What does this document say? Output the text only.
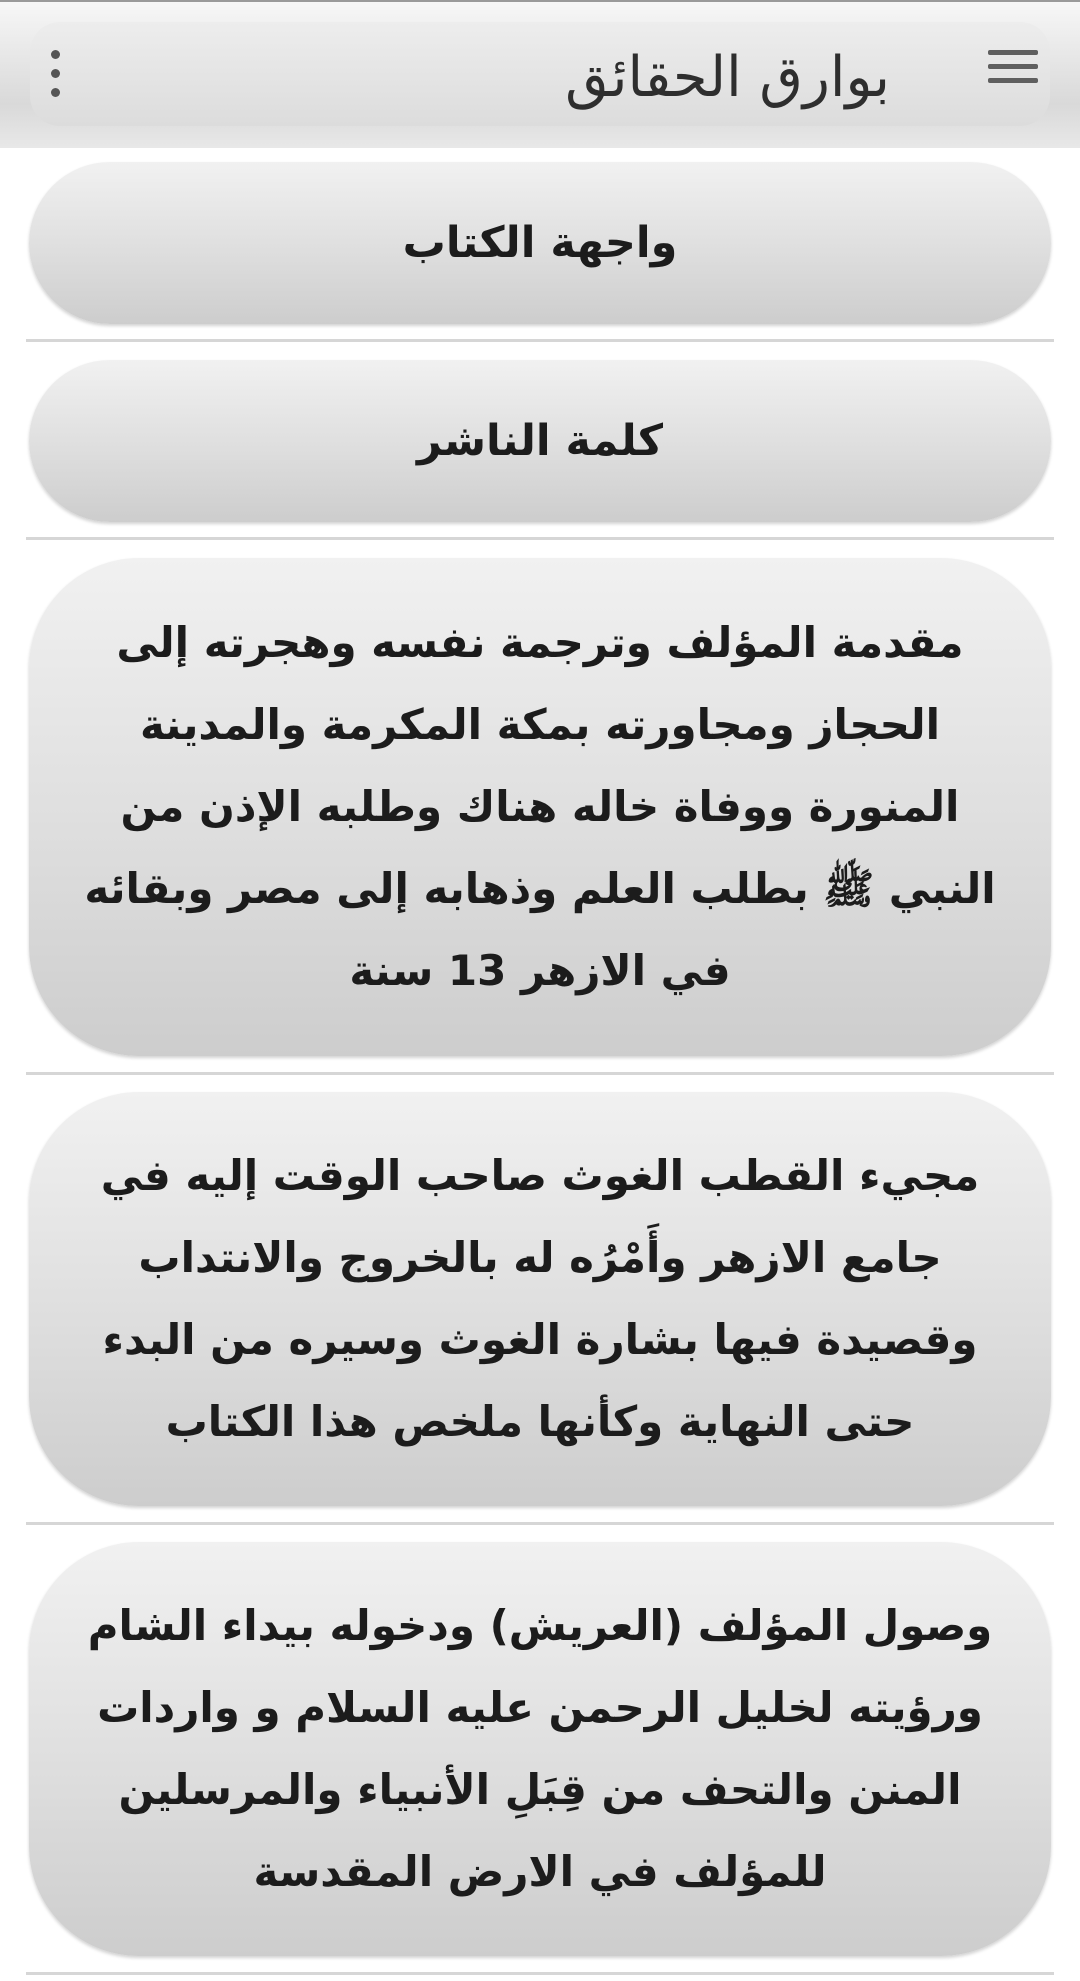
بوارق الحقائق
واجهة الكتاب
كلمة الناشر
مقدمة المؤلف وترجمة نفسه وهجرته إلى الحجاز ومجاورته بمكة المكرمة والمدينة المنورة ووفاة خاله هناك وطلبه الإذن من النبي ﷺ بطلب العلم وذهابه إلى مصر وبقائه في الازهر 13 سنة
مجيء القطب الغوث صاحب الوقت إليه في جامع الازهر وأَمْرُه له بالخروج والانتداب وقصيدة فيها بشارة الغوث وسيره من البدء حتى النهاية وكأنها ملخص هذا الكتاب
وصول المؤلف (العريش) ودخوله بيداء الشام ورؤيته لخليل الرحمن عليه السلام و واردات المنن والتحف من قِبَلِ الأنبياء والمرسلين للمؤلف في الارض المقدسة
